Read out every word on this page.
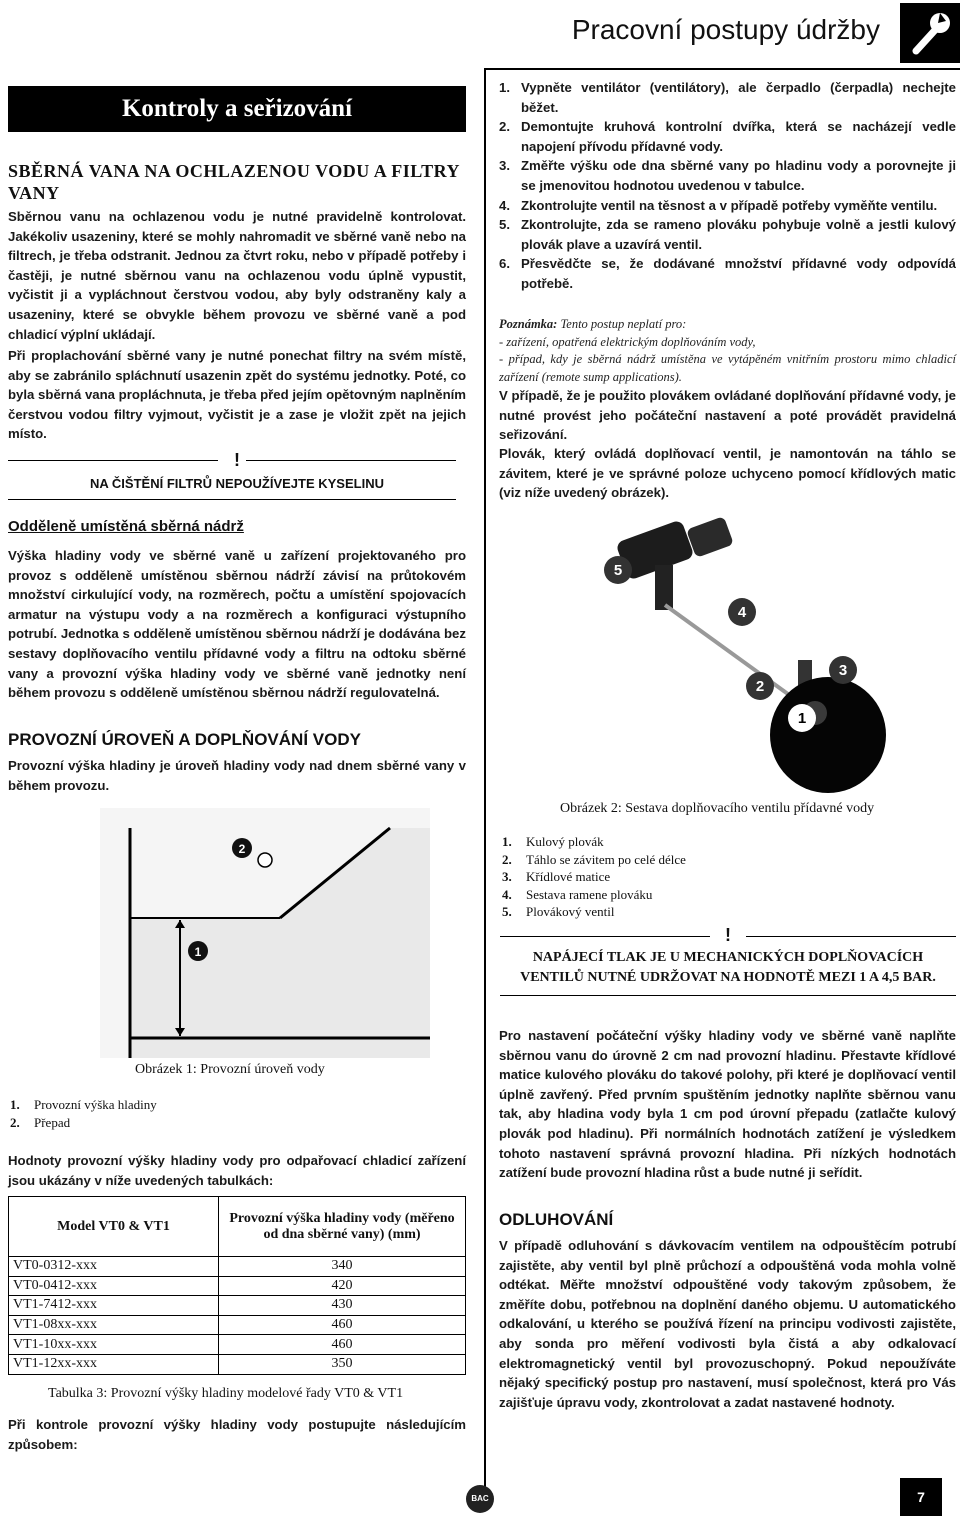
Pracovní postupy údržby
Kontroly a seřizování
SBĚRNÁ VANA NA OCHLAZENOU VODU A FILTRY VANY

Sběrnou vanu na ochlazenou vodu je nutné pravidelně kontrolovat. Jakékoliv usazeniny, které se mohly nahromadit ve sběrné vaně nebo na filtrech, je třeba odstranit. Jednou za čtvrt roku, nebo v případě potřeby i častěji, je nutné sběrnou vanu na ochlazenou vodu úplně vypustit, vyčistit ji a vypláchnout čerstvou vodou, aby byly odstraněny kaly a usazeniny, které se obvykle během provozu ve sběrné vaně a pod chladicí výplní ukládají.

Při proplachování sběrné vany je nutné ponechat filtry na svém místě, aby se zabránilo spláchnutí usazenin zpět do systému jednotky. Poté, co byla sběrná vana propláchnuta, je třeba před jejím opětovným naplněním čerstvou vodou filtry vyjmout, vyčistit je a zase je vložit zpět na jejich místo.

!
NA ČIŠTĚNÍ FILTRŮ NEPOUŽÍVEJTE KYSELINU
Odděleně umístěná sběrná nádrž

Výška hladiny vody ve sběrné vaně u zařízení projektovaného pro provoz s odděleně umístěnou sběrnou nádrží závisí na průtokovém množství cirkulující vody, na rozměrech, počtu a umístění spojovacích armatur na výstupu vody a na rozměrech a konfiguraci výstupního potrubí. Jednotka s odděleně umístěnou sběrnou nádrží je dodávána bez sestavy doplňovacího ventilu přídavné vody a filtru na odtoku sběrné vany a provozní výška hladiny vody ve sběrné vaně jednotky není během provozu s odděleně umístěnou sběrnou nádrží regulovatelná.

PROVOZNÍ ÚROVEŇ A DOPLŇOVÁNÍ VODY

Provozní výška hladiny je úroveň hladiny vody nad dnem sběrné vany v během provozu.

1
2
Obrázek 1: Provozní úroveň vody
1. Provozní výška hladiny
2. Přepad

Hodnoty provozní výšky hladiny vody pro odpařovací chladicí zařízení jsou ukázány v níže uvedených tabulkách:

Model VT0 & VT1	Provozní výška hladiny vody (měřeno od dna sběrné vany) (mm)
VT0-0312-xxx	340
VT0-0412-xxx	420
VT1-7412-xxx	430
VT1-08xx-xxx	460
VT1-10xx-xxx	460
VT1-12xx-xxx	350
Tabulka 3: Provozní výšky hladiny modelové řady VT0 & VT1

Při kontrole provozní výšky hladiny vody postupujte následujícím způsobem:

1. Vypněte ventilátor (ventilátory), ale čerpadlo (čerpadla) nechejte běžet.
2. Demontujte kruhová kontrolní dvířka, která se nacházejí vedle napojení přívodu přídavné vody.
3. Změřte výšku ode dna sběrné vany po hladinu vody a porovnejte ji se jmenovitou hodnotou uvedenou v tabulce.
4. Zkontrolujte ventil na těsnost a v případě potřeby vyměňte ventilu.
5. Zkontrolujte, zda se rameno plováku pohybuje volně a jestli kulový plovák plave a uzavírá ventil.
6. Přesvědčte se, že dodávané množství přídavné vody odpovídá potřebě.
Poznámka: Tento postup neplatí pro:
- zařízení, opatřená elektrickým doplňováním vody,
- případ, kdy je sběrná nádrž umístěna ve vytápěném vnitřním prostoru mimo chladicí zařízení (remote sump applications).

V případě, že je použito plovákem ovládané doplňování přídavné vody, je nutné provést jeho počáteční nastavení a poté provádět pravidelná seřizování.

Plovák, který ovládá doplňovací ventil, je namontován na táhlo se závitem, které je ve správné poloze uchyceno pomocí křídlových matic (viz níže uvedený obrázek).

5
4
3
2
1
Obrázek 2: Sestava doplňovacího ventilu přídavné vody
1. Kulový plovák
2. Táhlo se závitem po celé délce
3. Křídlové matice
4. Sestava ramene plováku
5. Plovákový ventil
!
NAPÁJECÍ TLAK JE U MECHANICKÝCH DOPLŇOVACÍCH VENTILŮ NUTNÉ UDRŽOVAT NA HODNOTĚ MEZI 1 A 4,5 BAR.

Pro nastavení počáteční výšky hladiny vody ve sběrné vaně naplňte sběrnou vanu do úrovně 2 cm nad provozní hladinu. Přestavte křídlové matice kulového plováku do takové polohy, při které je doplňovací ventil úplně zavřený. Před prvním spuštěním jednotky naplňte sběrnou vanu tak, aby hladina vody byla 1 cm pod úrovní přepadu (zatlačte kulový plovák pod hladinu). Při normálních hodnotách zatížení je výsledkem tohoto nastavení správná provozní hladina. Při nízkých hodnotách zatížení bude provozní hladina růst a bude nutné ji seřídit.

ODLUHOVÁNÍ

V případě odluhování s dávkovacím ventilem na odpouštěcím potrubí zajistěte, aby ventil byl plně průchozí a odpouštěná voda mohla volně odtékat. Měřte množství odpouštěné vody takovým způsobem, že změříte dobu, potřebnou na doplnění daného objemu. U automatického odkalování, u kterého se používá řízení na principu vodivosti zajistěte, aby sonda pro měření vodivosti byla čistá a aby odkalovací elektromagnetický ventil byl provozuschopný. Pokud nepoužíváte nějaký specifický postup pro nastavení, musí společnost, která pro Vás zajišťuje úpravu vody, zkontrolovat a zadat nastavené hodnoty.

BAC	7
